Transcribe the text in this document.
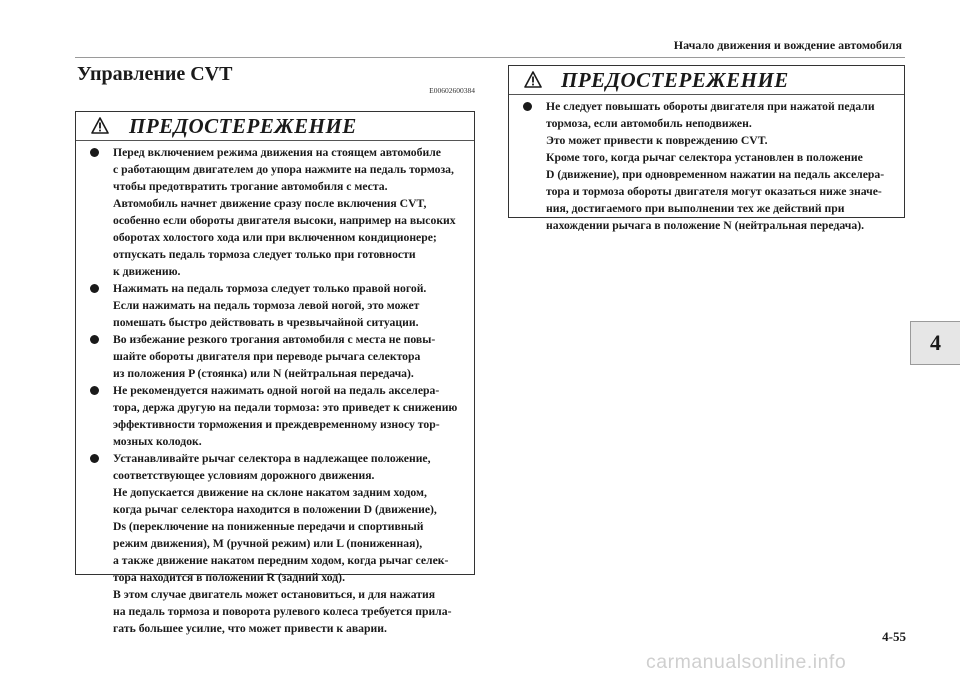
Начало движения и вождение автомобиля
Управление CVT
E00602600384
ПРЕДОСТЕРЕЖЕНИЕ
Перед включением режима движения на стоящем автомобиле
с работающим двигателем до упора нажмите на педаль тормоза,
чтобы предотвратить трогание автомобиля с места.
Автомобиль начнет движение сразу после включения CVT,
особенно если обороты двигателя высоки, например на высоких
оборотах холостого хода или при включенном кондиционере;
отпускать педаль тормоза следует только при готовности
к движению.
Нажимать на педаль тормоза следует только правой ногой.
Если нажимать на педаль тормоза левой ногой, это может
помешать быстро действовать в чрезвычайной ситуации.
Во избежание резкого трогания автомобиля с места не повы-
шайте обороты двигателя при переводе рычага селектора
из положения P (стоянка) или N (нейтральная передача).
Не рекомендуется нажимать одной ногой на педаль акселера-
тора, держа другую на педали тормоза: это приведет к снижению
эффективности торможения и преждевременному износу тор-
мозных колодок.
Устанавливайте рычаг селектора в надлежащее положение,
соответствующее условиям дорожного движения.
Не допускается движение на склоне накатом задним ходом,
когда рычаг селектора находится в положении D (движение),
Ds (переключение на пониженные передачи и спортивный
режим движения), M (ручной режим) или L (пониженная),
а также движение накатом передним ходом, когда рычаг селек-
тора находится в положении R (задний ход).
В этом случае двигатель может остановиться, и для нажатия
на педаль тормоза и поворота рулевого колеса требуется прила-
гать большее усилие, что может привести к аварии.
ПРЕДОСТЕРЕЖЕНИЕ
Не следует повышать обороты двигателя при нажатой педали
тормоза, если автомобиль неподвижен.
Это может привести к повреждению CVT.
Кроме того, когда рычаг селектора установлен в положение
D (движение), при одновременном нажатии на педаль акселера-
тора и тормоза обороты двигателя могут оказаться ниже значе-
ния, достигаемого при выполнении тех же действий при
нахождении рычага в положение N (нейтральная передача).
4
4-55
carmanualsonline.info
